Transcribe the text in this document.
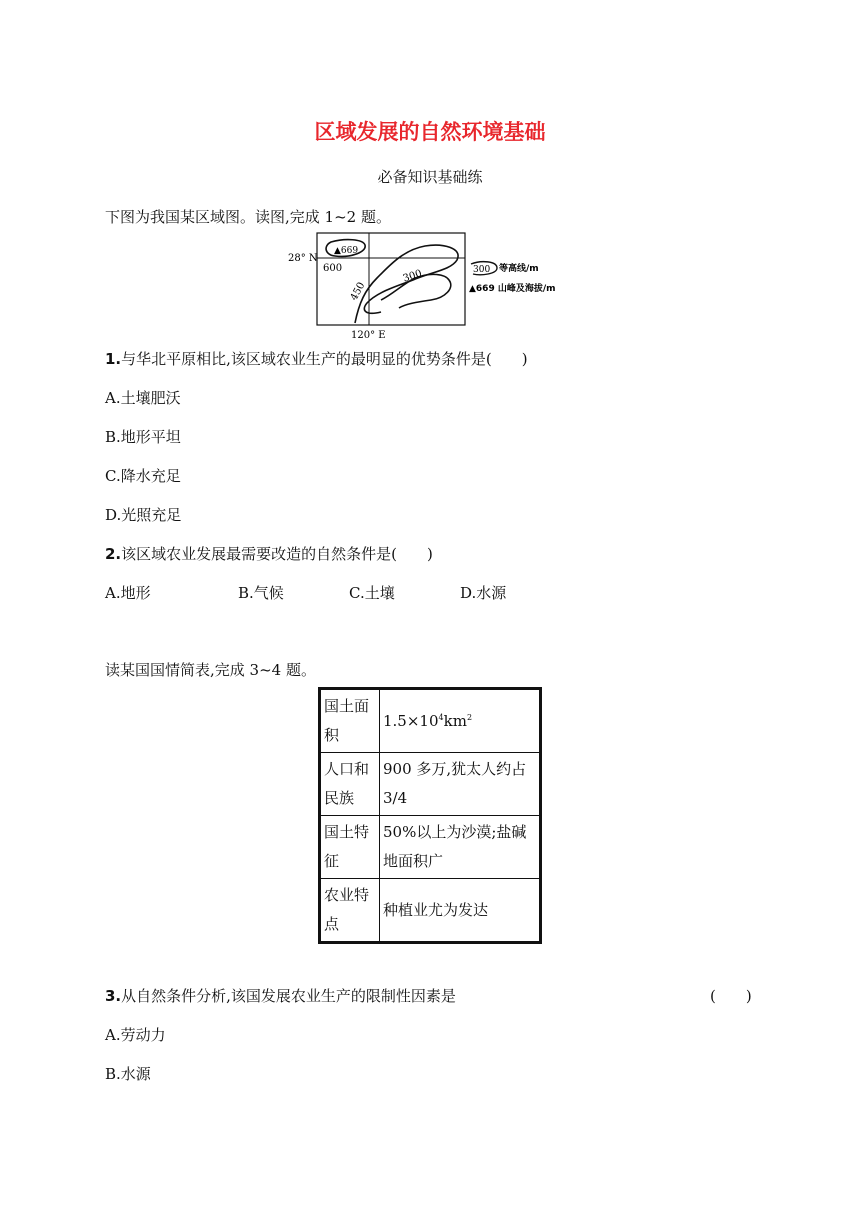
区域发展的自然环境基础
必备知识基础练
下图为我国某区域图。读图,完成 1~2 题。
28° N
120° E
▲669
600
450
300	300 等高线/m
▲669 山峰及海拔/m
1.与华北平原相比,该区域农业生产的最明显的优势条件是(　　)
A.土壤肥沃
B.地形平坦
C.降水充足
D.光照充足
2.该区域农业发展最需要改造的自然条件是(　　)
A.地形	B.气候	C.土壤	D.水源
读某国国情简表,完成 3~4 题。
国土面积	$1.5\times 10^4km^2$
人口和民族	900 多万,犹太人约占 3/4
国土特征	50%以上为沙漠;盐碱地面积广
农业特点	种植业尤为发达
3.从自然条件分析,该国发展农业生产的限制性因素是	(　　)
A.劳动力
B.水源
